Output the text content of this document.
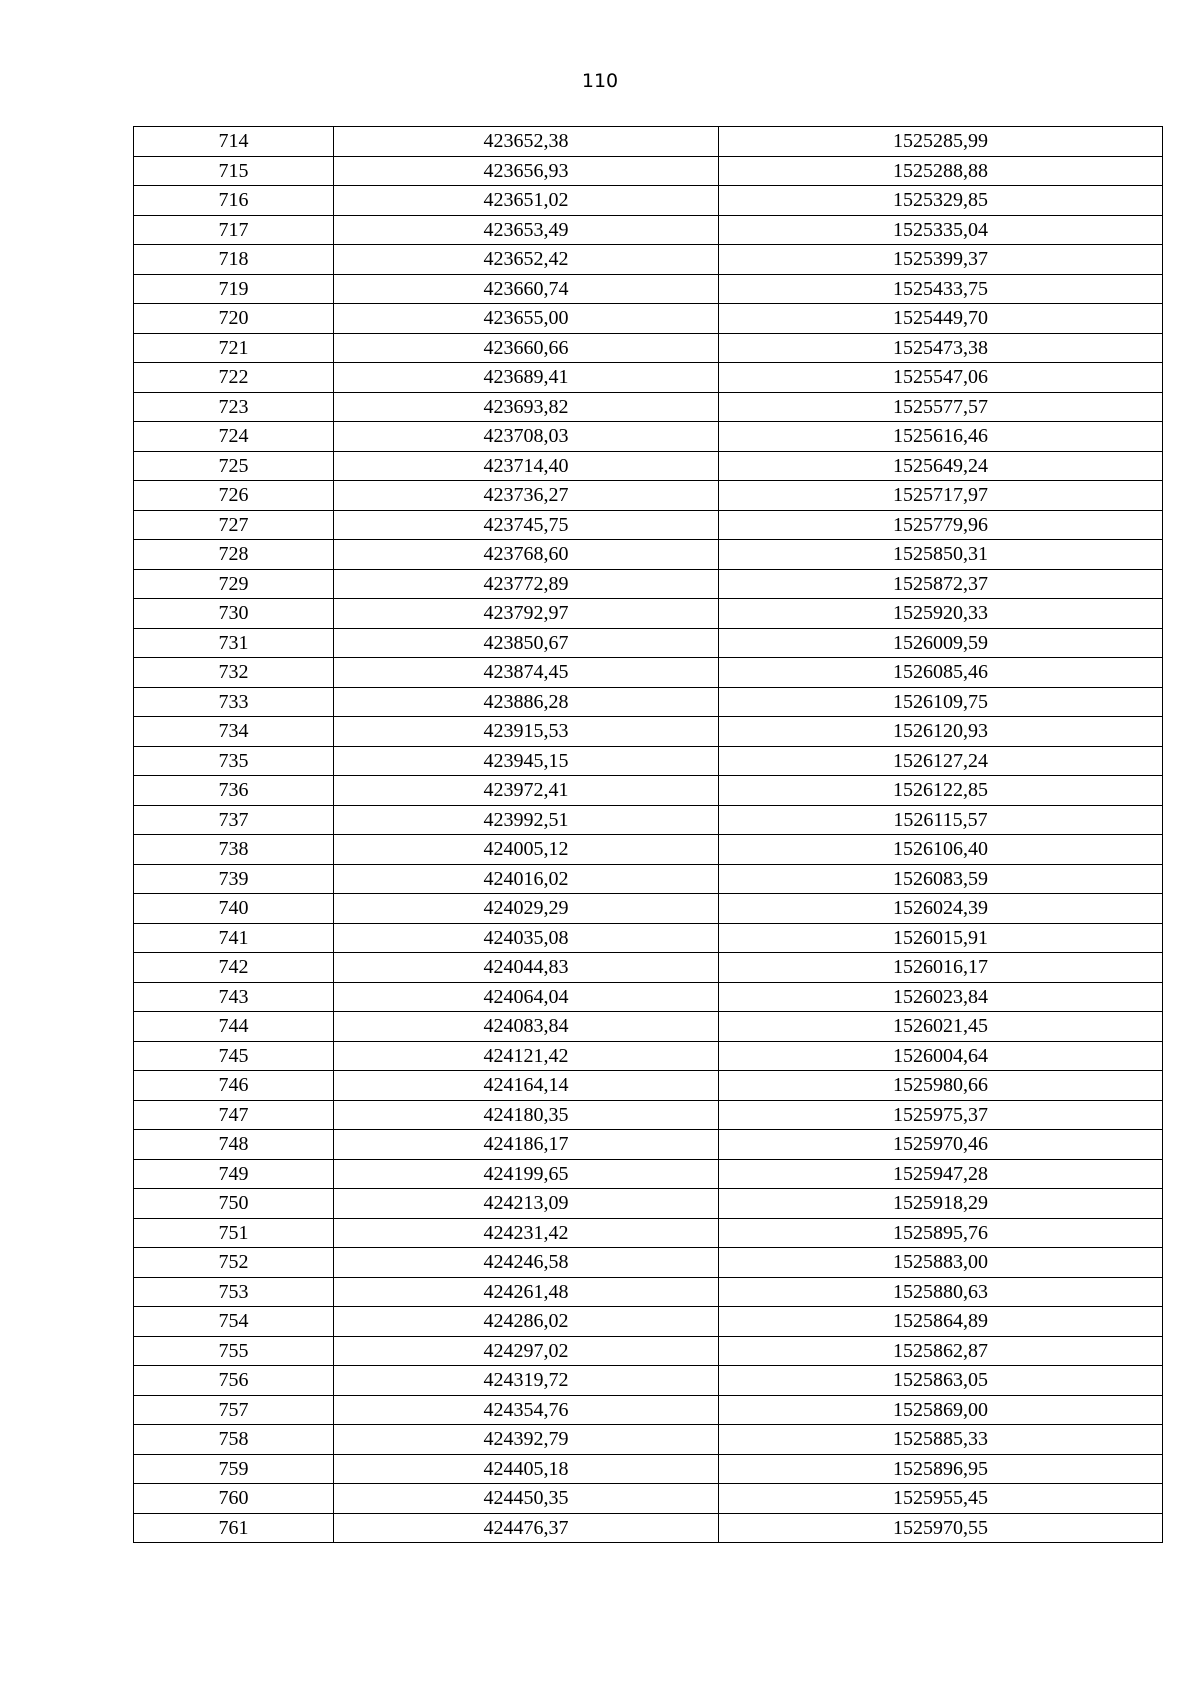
110
714	423652,38	1525285,99
715	423656,93	1525288,88
716	423651,02	1525329,85
717	423653,49	1525335,04
718	423652,42	1525399,37
719	423660,74	1525433,75
720	423655,00	1525449,70
721	423660,66	1525473,38
722	423689,41	1525547,06
723	423693,82	1525577,57
724	423708,03	1525616,46
725	423714,40	1525649,24
726	423736,27	1525717,97
727	423745,75	1525779,96
728	423768,60	1525850,31
729	423772,89	1525872,37
730	423792,97	1525920,33
731	423850,67	1526009,59
732	423874,45	1526085,46
733	423886,28	1526109,75
734	423915,53	1526120,93
735	423945,15	1526127,24
736	423972,41	1526122,85
737	423992,51	1526115,57
738	424005,12	1526106,40
739	424016,02	1526083,59
740	424029,29	1526024,39
741	424035,08	1526015,91
742	424044,83	1526016,17
743	424064,04	1526023,84
744	424083,84	1526021,45
745	424121,42	1526004,64
746	424164,14	1525980,66
747	424180,35	1525975,37
748	424186,17	1525970,46
749	424199,65	1525947,28
750	424213,09	1525918,29
751	424231,42	1525895,76
752	424246,58	1525883,00
753	424261,48	1525880,63
754	424286,02	1525864,89
755	424297,02	1525862,87
756	424319,72	1525863,05
757	424354,76	1525869,00
758	424392,79	1525885,33
759	424405,18	1525896,95
760	424450,35	1525955,45
761	424476,37	1525970,55
